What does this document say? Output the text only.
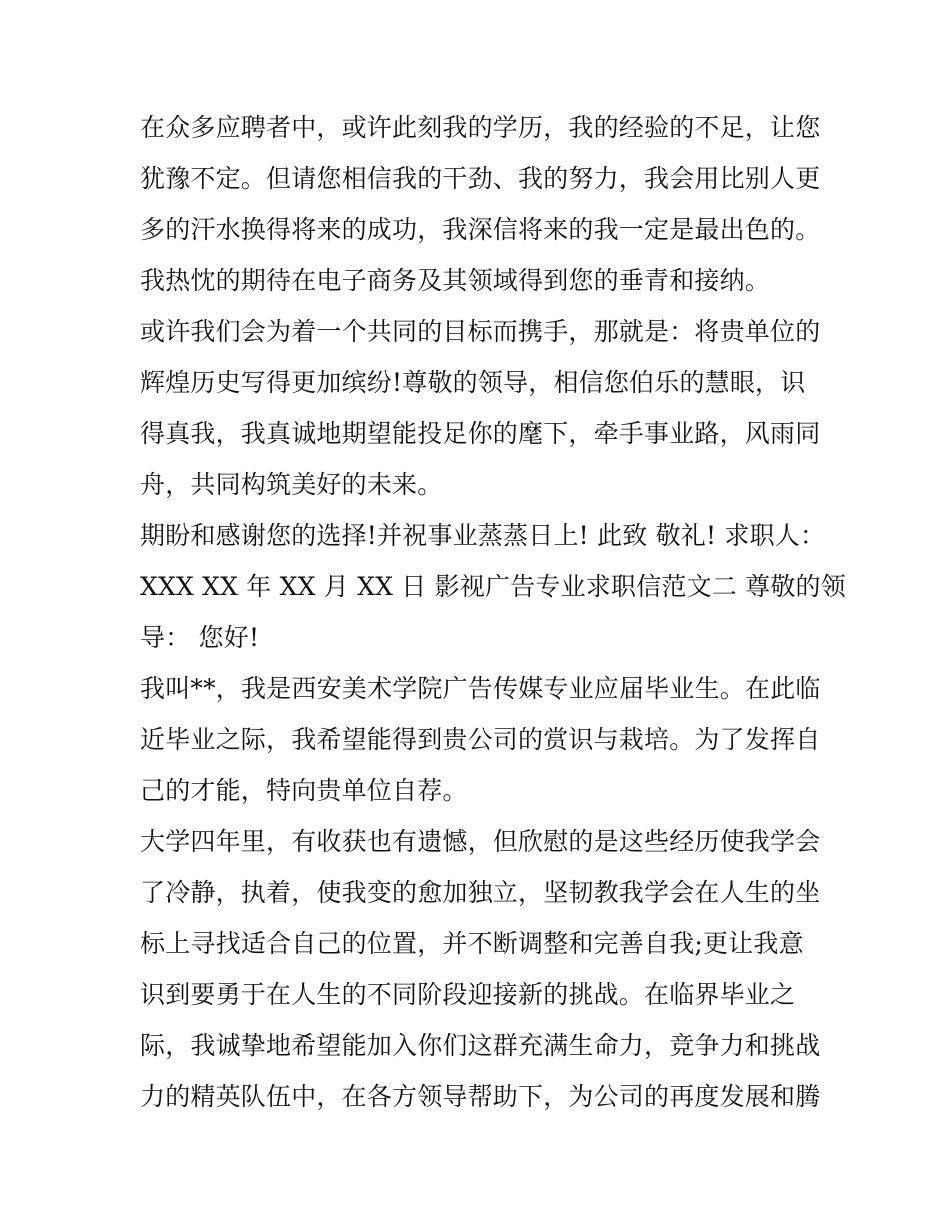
在众多应聘者中，或许此刻我的学历，我的经验的不足，让您
犹豫不定。但请您相信我的干劲、我的努力，我会用比别人更
多的汗水换得将来的成功，我深信将来的我一定是最出色的。
我热忱的期待在电子商务及其领域得到您的垂青和接纳。
或许我们会为着一个共同的目标而携手，那就是：将贵单位的
辉煌历史写得更加缤纷!尊敬的领导，相信您伯乐的慧眼，识
得真我，我真诚地期望能投足你的麾下，牵手事业路，风雨同
舟，共同构筑美好的未来。
期盼和感谢您的选择!并祝事业蒸蒸日上! 此致 敬礼! 求职人：
XXX XX 年 XX 月 XX 日 影视广告专业求职信范文二 尊敬的领
导： 您好!
我叫**，我是西安美术学院广告传媒专业应届毕业生。在此临
近毕业之际，我希望能得到贵公司的赏识与栽培。为了发挥自
己的才能，特向贵单位自荐。
大学四年里，有收获也有遗憾，但欣慰的是这些经历使我学会
了冷静，执着，使我变的愈加独立，坚韧教我学会在人生的坐
标上寻找适合自己的位置，并不断调整和完善自我;更让我意
识到要勇于在人生的不同阶段迎接新的挑战。在临界毕业之
际，我诚挚地希望能加入你们这群充满生命力，竞争力和挑战
力的精英队伍中，在各方领导帮助下，为公司的再度发展和腾
